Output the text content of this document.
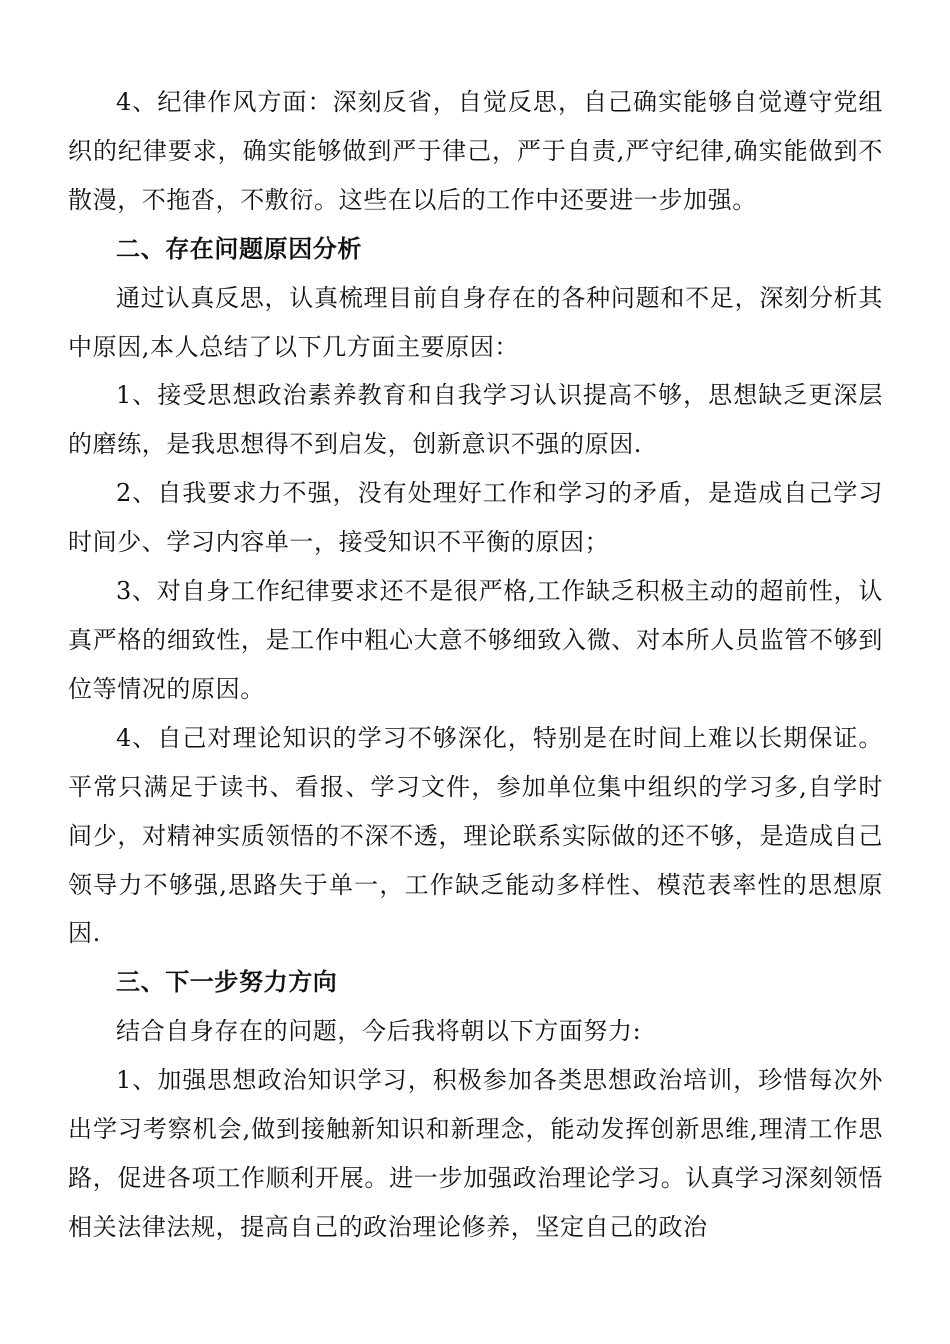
4、纪律作风方面：深刻反省，自觉反思，自己确实能够自觉遵守党组织的纪律要求，确实能够做到严于律己，严于自责,严守纪律,确实能做到不散漫，不拖沓，不敷衍。这些在以后的工作中还要进一步加强。

二、存在问题原因分析

通过认真反思，认真梳理目前自身存在的各种问题和不足，深刻分析其中原因,本人总结了以下几方面主要原因：

1、接受思想政治素养教育和自我学习认识提高不够，思想缺乏更深层的磨练，是我思想得不到启发，创新意识不强的原因.

2、自我要求力不强，没有处理好工作和学习的矛盾，是造成自己学习时间少、学习内容单一，接受知识不平衡的原因；

3、对自身工作纪律要求还不是很严格,工作缺乏积极主动的超前性，认真严格的细致性，是工作中粗心大意不够细致入微、对本所人员监管不够到位等情况的原因。

4、自己对理论知识的学习不够深化，特别是在时间上难以长期保证。平常只满足于读书、看报、学习文件，参加单位集中组织的学习多,自学时间少，对精神实质领悟的不深不透，理论联系实际做的还不够，是造成自己领导力不够强,思路失于单一，工作缺乏能动多样性、模范表率性的思想原因.

三、下一步努力方向

结合自身存在的问题，今后我将朝以下方面努力:

1、加强思想政治知识学习，积极参加各类思想政治培训，珍惜每次外出学习考察机会,做到接触新知识和新理念，能动发挥创新思维,理清工作思路，促进各项工作顺利开展。进一步加强政治理论学习。认真学习深刻领悟相关法律法规，提高自己的政治理论修养，坚定自己的政治
